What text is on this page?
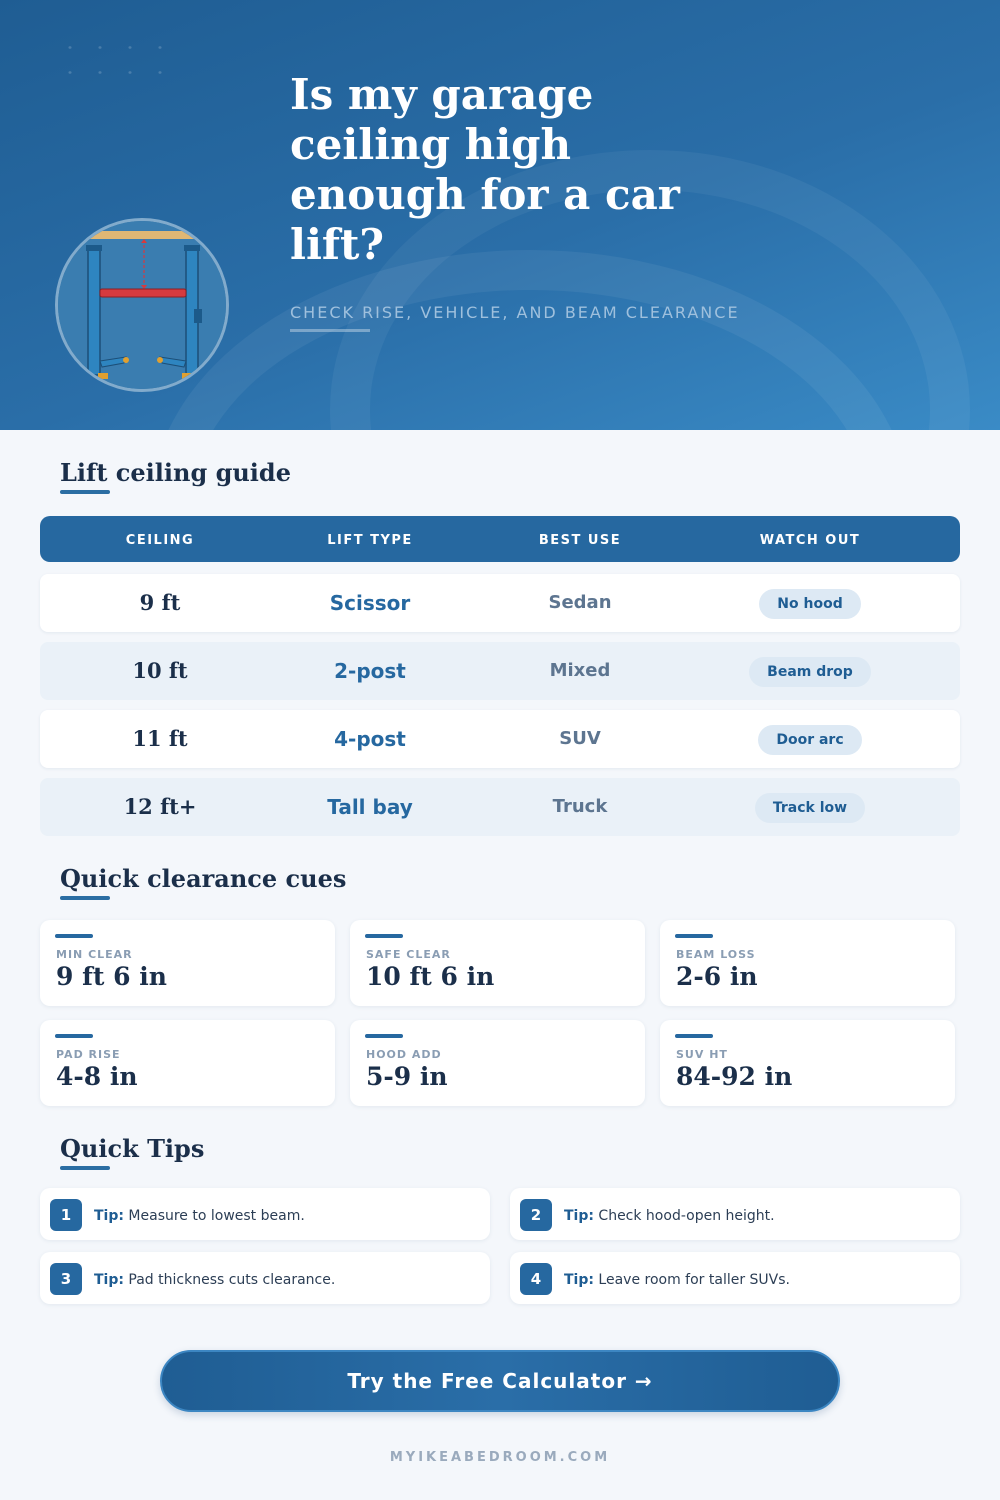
Is my garage ceiling high enough for a car lift?
CHECK RISE, VEHICLE, AND BEAM CLEARANCE
Lift ceiling guide
CEILING	LIFT TYPE	BEST USE	WATCH OUT
9 ft	Scissor	Sedan	No hood
10 ft	2-post	Mixed	Beam drop
11 ft	4-post	SUV	Door arc
12 ft+	Tall bay	Truck	Track low
Quick clearance cues
MIN CLEAR
9 ft 6 in
SAFE CLEAR
10 ft 6 in
BEAM LOSS
2-6 in
PAD RISE
4-8 in
HOOD ADD
5-9 in
SUV HT
84-92 in
Quick Tips
1	Tip: Measure to lowest beam.	2	Tip: Check hood-open height.
3	Tip: Pad thickness cuts clearance.	4	Tip: Leave room for taller SUVs.
Try the Free Calculator →
MYIKEABEDROOM.COM
